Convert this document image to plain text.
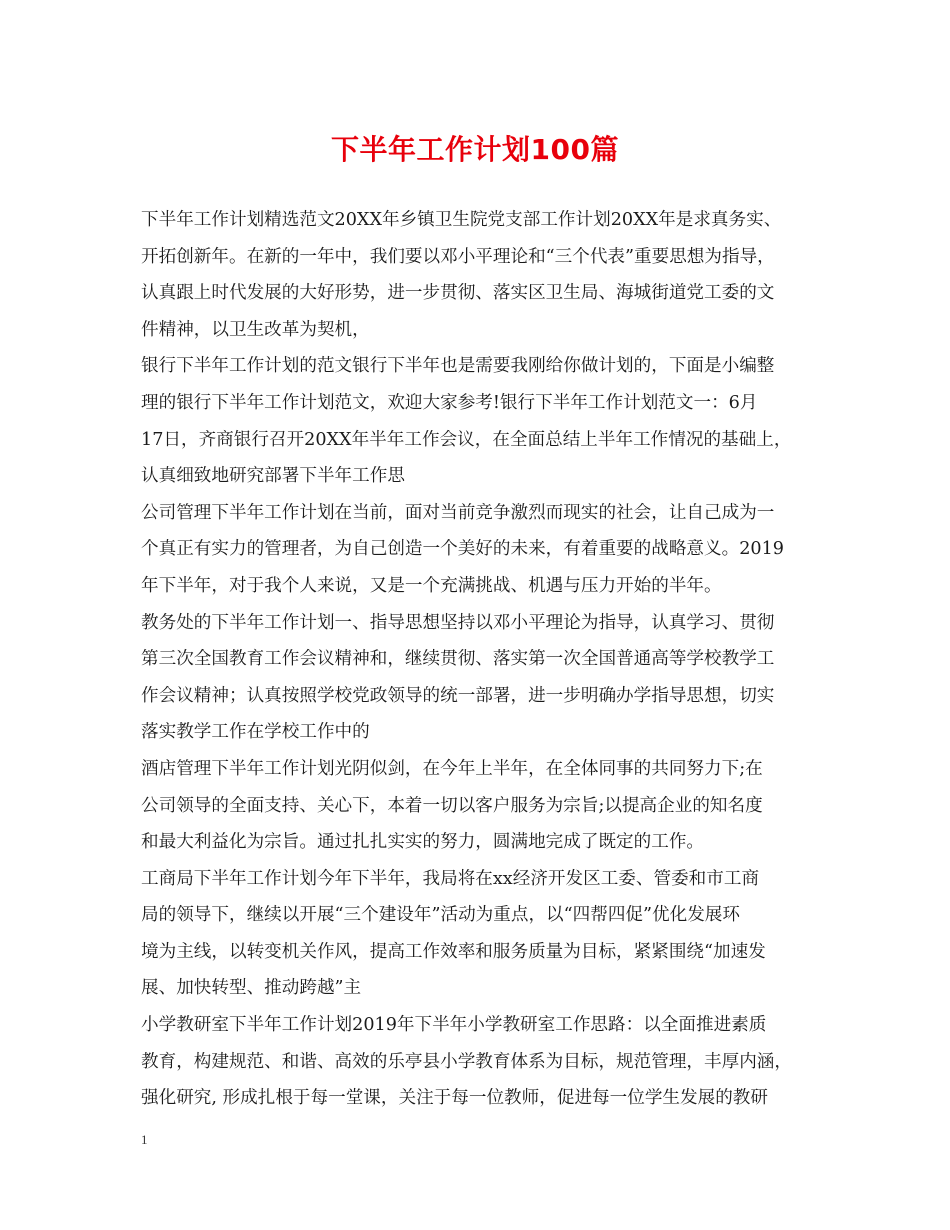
下半年工作计划100篇
下半年工作计划精选范文20XX年乡镇卫生院党支部工作计划20XX年是求真务实、
开拓创新年。在新的一年中，我们要以邓小平理论和“三个代表”重要思想为指导，
认真跟上时代发展的大好形势，进一步贯彻、落实区卫生局、海城街道党工委的文
件精神，以卫生改革为契机，
银行下半年工作计划的范文银行下半年也是需要我刚给你做计划的，下面是小编整
理的银行下半年工作计划范文，欢迎大家参考!银行下半年工作计划范文一：6月
17日，齐商银行召开20XX年半年工作会议，在全面总结上半年工作情况的基础上，
认真细致地研究部署下半年工作思
公司管理下半年工作计划在当前，面对当前竞争激烈而现实的社会，让自己成为一
个真正有实力的管理者，为自己创造一个美好的未来，有着重要的战略意义。2019
年下半年，对于我个人来说，又是一个充满挑战、机遇与压力开始的半年。
教务处的下半年工作计划一、指导思想坚持以邓小平理论为指导，认真学习、贯彻
第三次全国教育工作会议精神和，继续贯彻、落实第一次全国普通高等学校教学工
作会议精神；认真按照学校党政领导的统一部署，进一步明确办学指导思想，切实
落实教学工作在学校工作中的
酒店管理下半年工作计划光阴似剑，在今年上半年，在全体同事的共同努力下;在
公司领导的全面支持、关心下，本着一切以客户服务为宗旨;以提高企业的知名度
和最大利益化为宗旨。通过扎扎实实的努力，圆满地完成了既定的工作。
工商局下半年工作计划今年下半年，我局将在xx经济开发区工委、管委和市工商
局的领导下，继续以开展“三个建设年”活动为重点，以“四帮四促”优化发展环
境为主线，以转变机关作风，提高工作效率和服务质量为目标，紧紧围绕“加速发
展、加快转型、推动跨越”主
小学教研室下半年工作计划2019年下半年小学教研室工作思路：以全面推进素质
教育，构建规范、和谐、高效的乐亭县小学教育体系为目标，规范管理，丰厚内涵，
强化研究, 形成扎根于每一堂课，关注于每一位教师，促进每一位学生发展的教研
1
